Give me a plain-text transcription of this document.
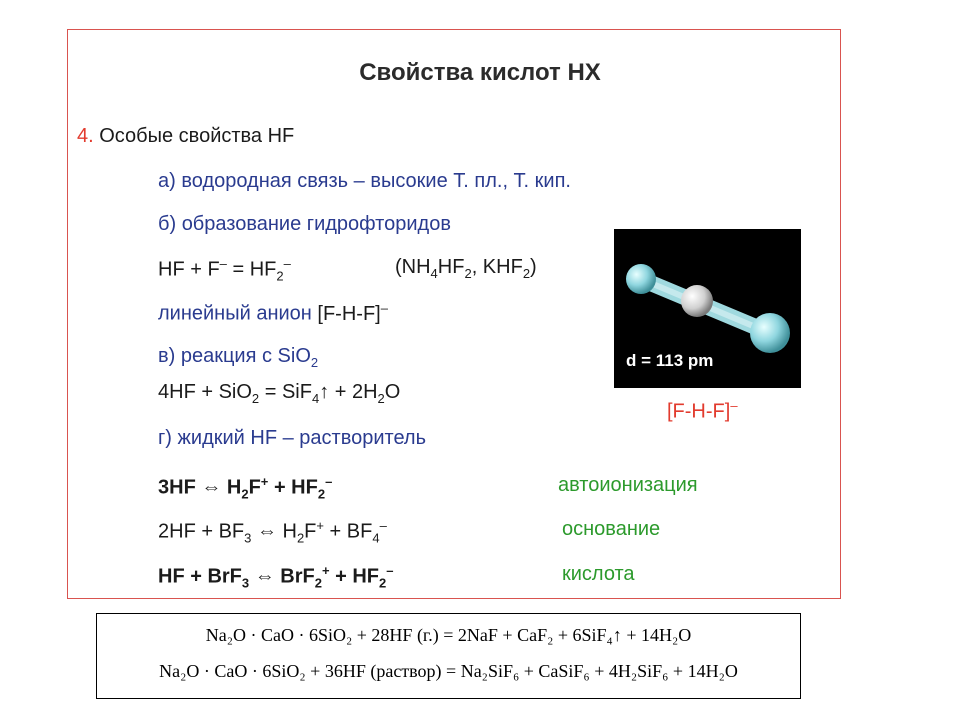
Свойства кислот HX
4. Особые свойства HF
а) водородная связь – высокие Т. пл., Т. кип.
б) образование гидрофторидов
HF + $F^- = HF_2^-$	($NH_4HF_2$, $KHF_2$)
линейный анион [F-H-F]–
в) реакция с SiO$_2$
4HF + SiO$_2$ = SiF$_4$↑ + $2H_2O$
г) жидкий HF – растворитель
3HF ⇔ $H_2F^+ + HF_2^-$	автоионизация
$2HF + BF_3$ ⇔ $H_2F^+ + BF_4^-$	основание
HF + BrF$_3$ ⇔ $BrF_2^+ + HF_2^-$	кислота
d = 113 pm
[F-H-F]–
Na₂O · CaO · 6SiO₂ + 28HF (г.) = 2NaF + CaF₂ + 6SiF₄↑ + 14H₂O
Na₂O · CaO · 6SiO₂ + 36HF (раствор) = Na₂SiF₆ + CaSiF₆ + 4H₂SiF₆ + 14H₂O
